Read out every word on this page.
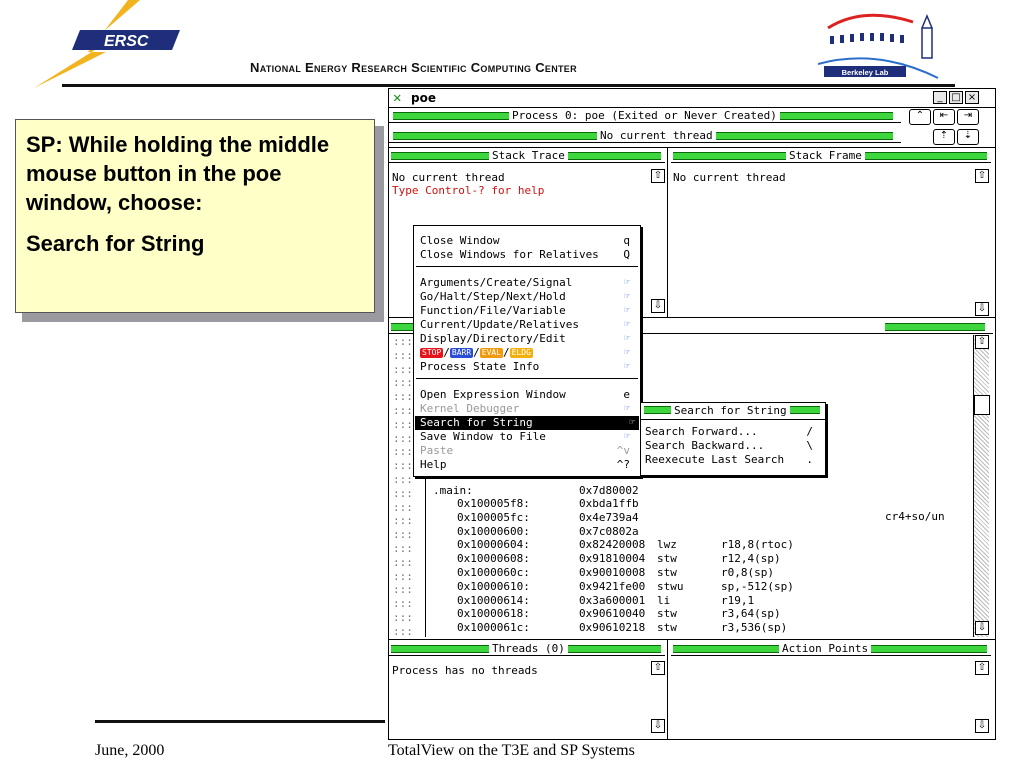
ERSC
National Energy Research Scientific Computing Center	Berkeley Lab

SP: While holding the middle mouse button in the poe window, choose:

Search for String

✕ poe	_ □ ×
Process 0: poe (Exited or Never Created)
No current thread
⌃	⇤	⇥
⇡	⇣
Stack Trace	Stack Frame
No current thread
Type Control-? for help
⇧
⇩
No current thread	⇧
⇩
:::
:::
:::
:::
:::
:::
:::
:::
:::
:::
:::
:::
:::
:::
:::
:::
:::
:::
:::
:::
:::
:::
.main:	0x7d80002
cr4+so/un
0x100005f8:	0xbda1ffb
0x100005fc:	0x4e739a4
0x10000600:	0x7c0802a
0x10000604:	0x82420008 lwz	r18,8(rtoc)
0x10000608:	0x91810004 stw	r12,4(sp)
0x1000060c:	0x90010008 stw	r0,8(sp)
0x10000610:	0x9421fe00 stwu	sp,-512(sp)
0x10000614:	0x3a600001 li	r19,1
0x10000618:	0x90610040 stw	r3,64(sp)
0x1000061c:	0x90610218 stw	r3,536(sp)
⇧
⇩
Threads (0)	Action Points
Process has no threads	⇧
⇩
⇧
⇩
Close Window	q
Close Windows for Relatives Q
Arguments/Create/Signal	☞
Go/Halt/Step/Next/Hold	☞
Function/File/Variable	☞
Current/Update/Relatives	☞
Display/Directory/Edit	☞
Process State Info	☞
Open Expression Window	e
Kernel Debugger	☞
Search for String	☞
Save Window to File	☞
Paste	^v
Help	^?
STOP / BARR / EVAL / ELDG	☞
Search for String
Search Forward...	/
Search Backward...	\
Reexecute Last Search .
June, 2000	TotalView on the T3E and SP Systems
